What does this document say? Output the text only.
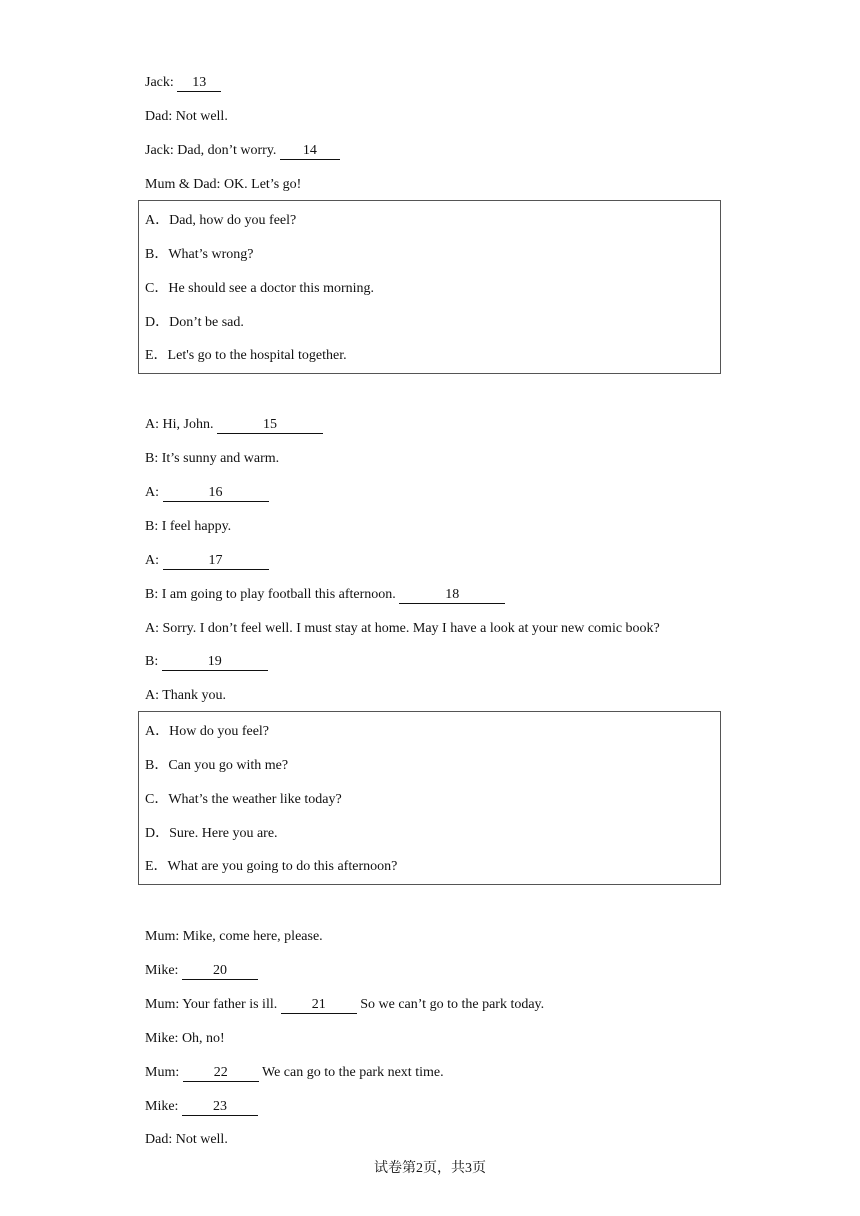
Jack: 13
Dad: Not well.
Jack: Dad, don’t worry. 14
Mum & Dad: OK. Let’s go!
A．Dad, how do you feel?
B．What’s wrong?
C．He should see a doctor this morning.
D．Don’t be sad.
E．Let's go to the hospital together.
A: Hi, John.	15
B: It’s sunny and warm.
A:	16
B: I feel happy.
A:	17
B: I am going to play football this afternoon.	18
A: Sorry. I don’t feel well. I must stay at home. May I have a look at your new comic book?
B:	19
A: Thank you.
A．How do you feel?
B．Can you go with me?
C．What’s the weather like today?
D．Sure. Here you are.
E．What are you going to do this afternoon?
Mum: Mike, come here, please.
Mike: 20
Mum: Your father is ill. 21 So we can’t go to the park today.
Mike: Oh, no!
Mum: 22 We can go to the park next time.
Mike: 23
Dad: Not well.
试卷第2页，共3页
